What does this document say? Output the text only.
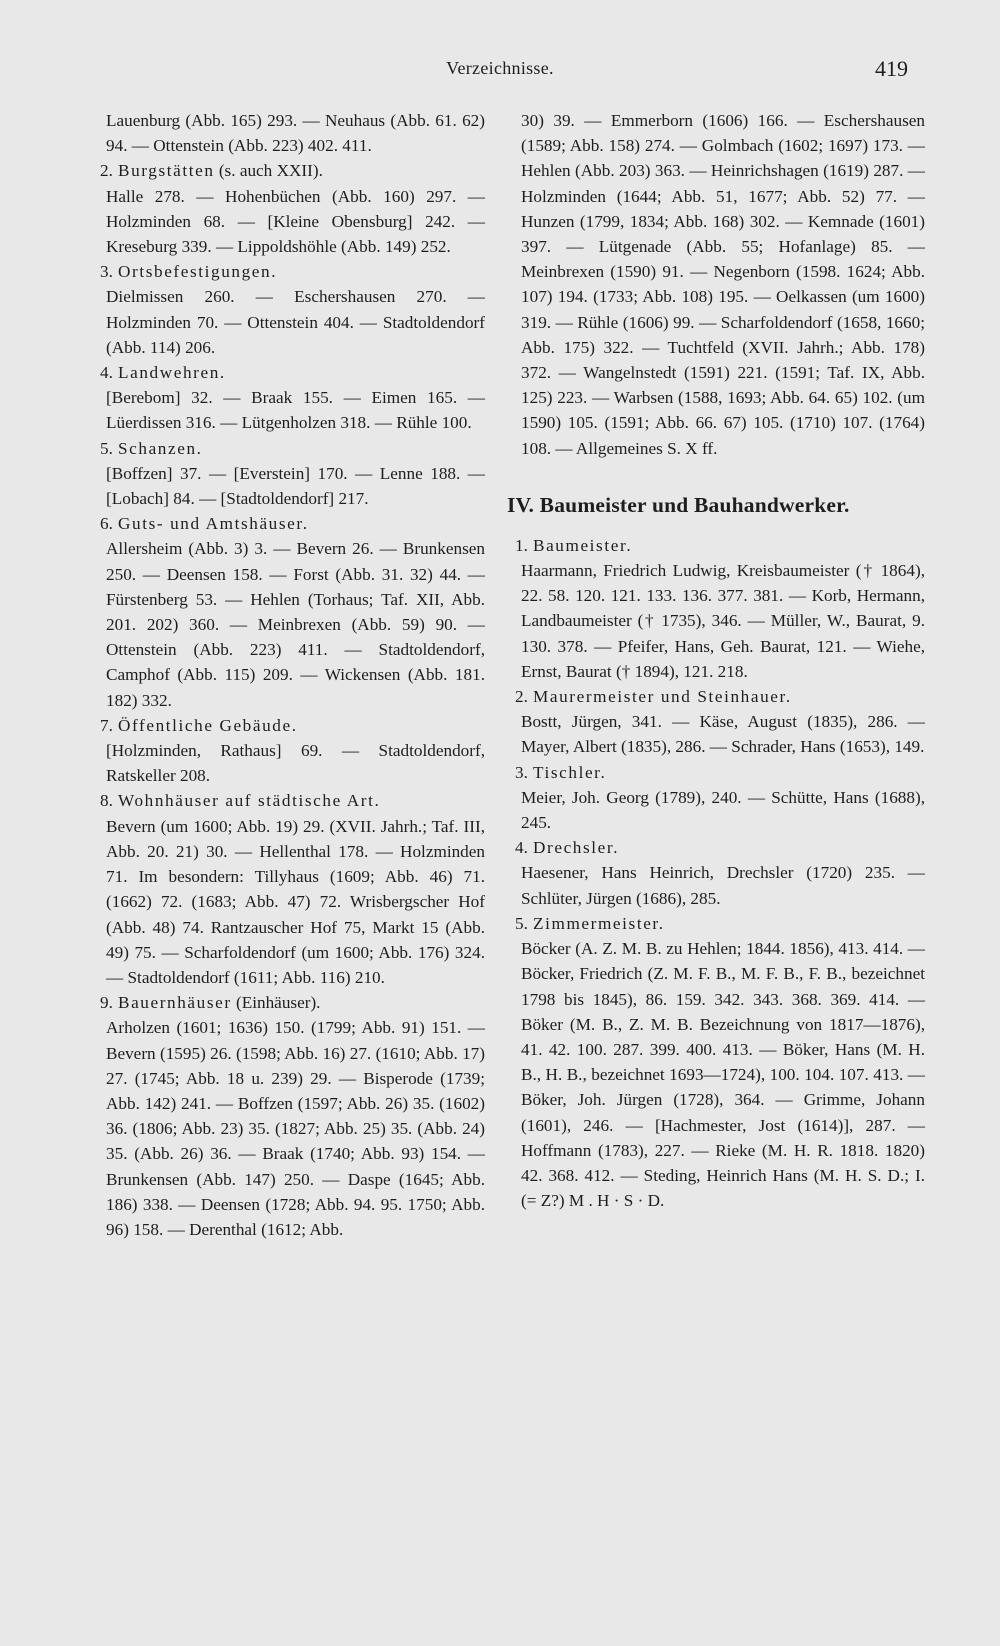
Verzeichnisse.	419

Lauenburg (Abb. 165) 293. — Neuhaus (Abb. 61. 62) 94. — Ottenstein (Abb. 223) 402. 411.

2. Burgstätten (s. auch XXII).

Halle 278. — Hohenbüchen (Abb. 160) 297. — Holzminden 68. — [Kleine Obensburg] 242. — Kreseburg 339. — Lippoldshöhle (Abb. 149) 252.

3. Ortsbefestigungen.

Dielmissen 260. — Eschershausen 270. — Holzminden 70. — Ottenstein 404. — Stadtoldendorf (Abb. 114) 206.

4. Landwehren.

[Berebom] 32. — Braak 155. — Eimen 165. — Lüerdissen 316. — Lütgenholzen 318. — Rühle 100.

5. Schanzen.

[Boffzen] 37. — [Everstein] 170. — Lenne 188. — [Lobach] 84. — [Stadtoldendorf] 217.

6. Guts- und Amtshäuser.

Allersheim (Abb. 3) 3. — Bevern 26. — Brunkensen 250. — Deensen 158. — Forst (Abb. 31. 32) 44. — Fürstenberg 53. — Hehlen (Torhaus; Taf. XII, Abb. 201. 202) 360. — Meinbrexen (Abb. 59) 90. — Ottenstein (Abb. 223) 411. — Stadtoldendorf, Camphof (Abb. 115) 209. — Wickensen (Abb. 181. 182) 332.

7. Öffentliche Gebäude.

[Holzminden, Rathaus] 69. — Stadtoldendorf, Ratskeller 208.

8. Wohnhäuser auf städtische Art.

Bevern (um 1600; Abb. 19) 29. (XVII. Jahrh.; Taf. III, Abb. 20. 21) 30. — Hellenthal 178. — Holzminden 71. Im besondern: Tillyhaus (1609; Abb. 46) 71. (1662) 72. (1683; Abb. 47) 72. Wrisbergscher Hof (Abb. 48) 74. Rantzauscher Hof 75, Markt 15 (Abb. 49) 75. — Scharfoldendorf (um 1600; Abb. 176) 324. — Stadtoldendorf (1611; Abb. 116) 210.

9. Bauernhäuser (Einhäuser).

Arholzen (1601; 1636) 150. (1799; Abb. 91) 151. — Bevern (1595) 26. (1598; Abb. 16) 27. (1610; Abb. 17) 27. (1745; Abb. 18 u. 239) 29. — Bisperode (1739; Abb. 142) 241. — Boffzen (1597; Abb. 26) 35. (1602) 36. (1806; Abb. 23) 35. (1827; Abb. 25) 35. (Abb. 24) 35. (Abb. 26) 36. — Braak (1740; Abb. 93) 154. — Brunkensen (Abb. 147) 250. — Daspe (1645; Abb. 186) 338. — Deensen (1728; Abb. 94. 95. 1750; Abb. 96) 158. — Derenthal (1612; Abb.

30) 39. — Emmerborn (1606) 166. — Eschershausen (1589; Abb. 158) 274. — Golmbach (1602; 1697) 173. — Hehlen (Abb. 203) 363. — Heinrichshagen (1619) 287. — Holzminden (1644; Abb. 51, 1677; Abb. 52) 77. — Hunzen (1799, 1834; Abb. 168) 302. — Kemnade (1601) 397. — Lütgenade (Abb. 55; Hofanlage) 85. — Meinbrexen (1590) 91. — Negenborn (1598. 1624; Abb. 107) 194. (1733; Abb. 108) 195. — Oelkassen (um 1600) 319. — Rühle (1606) 99. — Scharfoldendorf (1658, 1660; Abb. 175) 322. — Tuchtfeld (XVII. Jahrh.; Abb. 178) 372. — Wangelnstedt (1591) 221. (1591; Taf. IX, Abb. 125) 223. — Warbsen (1588, 1693; Abb. 64. 65) 102. (um 1590) 105. (1591; Abb. 66. 67) 105. (1710) 107. (1764) 108. — Allgemeines S. X ff.

IV. Baumeister und Bauhandwerker.

1. Baumeister.

Haarmann, Friedrich Ludwig, Kreisbaumeister († 1864), 22. 58. 120. 121. 133. 136. 377. 381. — Korb, Hermann, Landbaumeister († 1735), 346. — Müller, W., Baurat, 9. 130. 378. — Pfeifer, Hans, Geh. Baurat, 121. — Wiehe, Ernst, Baurat († 1894), 121. 218.

2. Maurermeister und Steinhauer.

Bostt, Jürgen, 341. — Käse, August (1835), 286. — Mayer, Albert (1835), 286. — Schrader, Hans (1653), 149.

3. Tischler.

Meier, Joh. Georg (1789), 240. — Schütte, Hans (1688), 245.

4. Drechsler.

Haesener, Hans Heinrich, Drechsler (1720) 235. — Schlüter, Jürgen (1686), 285.

5. Zimmermeister.

Böcker (A. Z. M. B. zu Hehlen; 1844. 1856), 413. 414. — Böcker, Friedrich (Z. M. F. B., M. F. B., F. B., bezeichnet 1798 bis 1845), 86. 159. 342. 343. 368. 369. 414. — Böker (M. B., Z. M. B. Bezeichnung von 1817—1876), 41. 42. 100. 287. 399. 400. 413. — Böker, Hans (M. H. B., H. B., bezeichnet 1693—1724), 100. 104. 107. 413. — Böker, Joh. Jürgen (1728), 364. — Grimme, Johann (1601), 246. — [Hachmester, Jost (1614)], 287. — Hoffmann (1783), 227. — Rieke (M. H. R. 1818. 1820) 42. 368. 412. — Steding, Heinrich Hans (M. H. S. D.; I. (= Z?) M . H · S · D.
